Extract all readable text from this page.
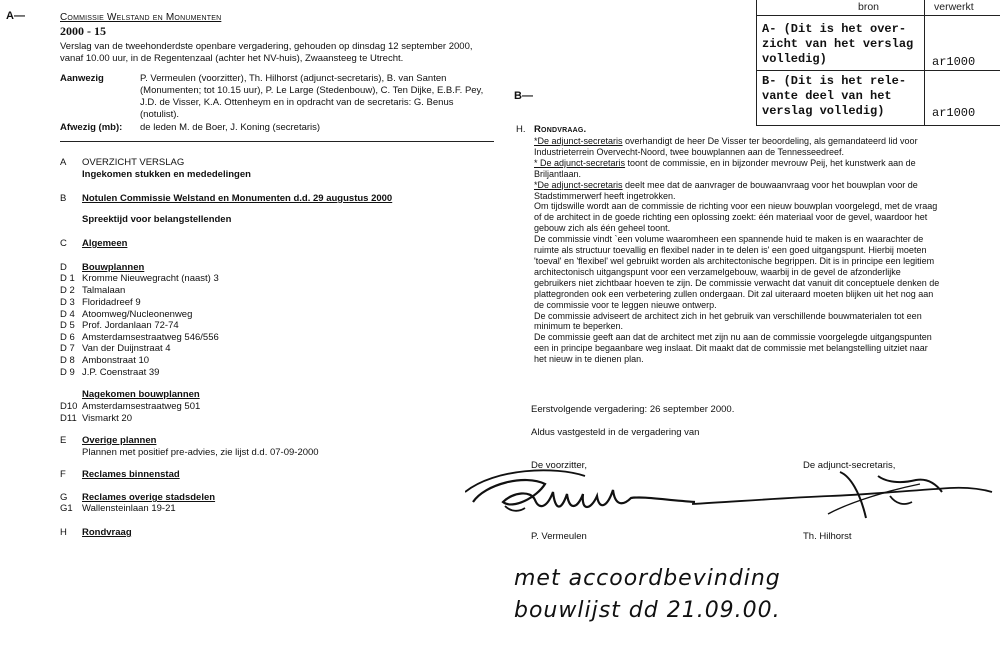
A—	Commissie Welstand en Monumenten
2000 - 15
Verslag van de tweehonderdste openbare vergadering, gehouden op dinsdag 12 september 2000,
vanaf 10.00 uur, in de Regentenzaal (achter het NV-huis), Zwaansteeg te Utrecht.
Aanwezig	P. Vermeulen (voorzitter), Th. Hilhorst (adjunct-secretaris), B. van Santen
(Monumenten; tot 10.15 uur), P. Le Large (Stedenbouw), C. Ten Dijke, E.B.F. Pey,
J.D. de Visser, K.A. Ottenheym en in opdracht van de secretaris: G. Benus
(notulist).
Afwezig (mb): de leden M. de Boer, J. Koning (secretaris)
A	OVERZICHT VERSLAG
Ingekomen stukken en mededelingen
B	Notulen Commissie Welstand en Monumenten d.d. 29 augustus 2000
Spreektijd voor belangstellenden
C	Algemeen
D	Bouwplannen
D 1 Kromme Nieuwegracht (naast) 3
D 2 Talmalaan
D 3 Floridadreef 9
D 4 Atoomweg/Nucleonenweg
D 5 Prof. Jordanlaan 72-74
D 6 Amsterdamsestraatweg 546/556
D 7 Van der Duijnstraat 4
D 8 Ambonstraat 10
D 9 J.P. Coenstraat 39
Nagekomen bouwplannen
D10 Amsterdamsestraatweg 501
D11 Vismarkt 20
E	Overige plannen
Plannen met positief pre-advies, zie lijst d.d. 07-09-2000
F	Reclames binnenstad
G	Reclames overige stadsdelen
G1 Wallensteinlaan 19-21
H	Rondvraag
bron	verwerkt
A- (Dit is het over-
zicht van het verslag
volledig)	ar1000
B- (Dit is het rele-
vante deel van het
verslag volledig)	ar1000
B—
H. Rondvraag.
*De adjunct-secretaris overhandigt de heer De Visser ter beoordeling, als gemandateerd lid voor
Industrieterrein Overvecht-Noord, twee bouwplannen aan de Tennesseedreef.
* De adjunct-secretaris toont de commissie, en in bijzonder mevrouw Peij, het kunstwerk aan de
Briljantlaan.
*De adjunct-secretaris deelt mee dat de aanvrager de bouwaanvraag voor het bouwplan voor de
Stadstimmerwerf heeft ingetrokken.
Om tijdswille wordt aan de commissie de richting voor een nieuw bouwplan voorgelegd, met de vraag
of de architect in de goede richting een oplossing zoekt: één materiaal voor de gevel, waardoor het
gebouw zich als één geheel toont.
De commissie vindt `een volume waaromheen een spannende huid te maken is en waarachter de
ruimte als structuur toevallig en flexibel nader in te delen is' een goed uitgangspunt. Hierbij moeten
'toeval' en 'flexibel' wel gebruikt worden als architectonische begrippen. Dit is in principe een legitiem
architectonisch uitgangspunt voor een verzamelgebouw, waarbij in de gevel de afzonderlijke
gebruikers niet zichtbaar hoeven te zijn. De commissie verwacht dat vanuit dit conceptuele denken de
plattegronden ook een verbetering zullen ondergaan. Dit zal uiteraard moeten blijken uit het nog aan
de commissie voor te leggen nieuwe ontwerp.
De commissie adviseert de architect zich in het gebruik van verschillende bouwmaterialen tot een
minimum te beperken.
De commissie geeft aan dat de architect met zijn nu aan de commissie voorgelegde uitgangspunten
een in principe begaanbare weg inslaat. Dit maakt dat de commissie met belangstelling uitziet naar
het nieuw in te dienen plan.
Eerstvolgende vergadering: 26 september 2000.
Aldus vastgesteld in de vergadering van
De voorzitter,	De adjunct-secretaris,
P. Vermeulen	Th. Hilhorst
met accoordbevinding
bouwlijst dd 21.09.00.
